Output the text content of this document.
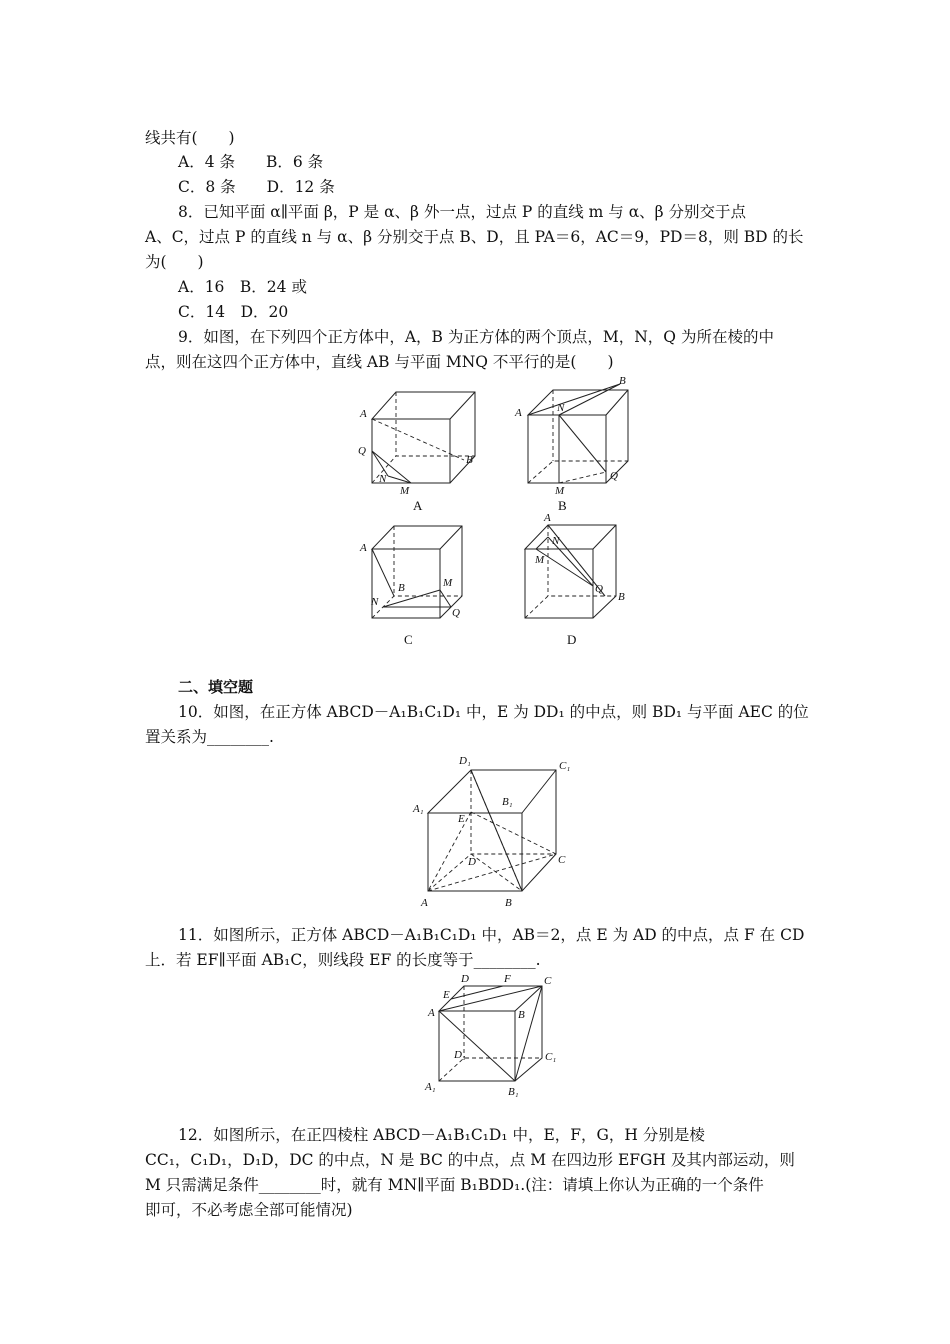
线共有(　　)
A．4 条　　B．6 条
C．8 条　　D．12 条
8．已知平面 α∥平面 β，P 是 α、β 外一点，过点 P 的直线 m 与 α、β 分别交于点
A、C，过点 P 的直线 n 与 α、β 分别交于点 B、D，且 PA＝6，AC＝9，PD＝8，则 BD 的长
为(　　)
A．16　B．24 或
C．14　D．20
9．如图，在下列四个正方体中，A，B 为正方体的两个顶点，M，N，Q 为所在棱的中
点，则在这四个正方体中，直线 AB 与平面 MNQ 不平行的是(　　)
A
Q
N
M
B
A
B
A	N
M
Q
B
A
B	M
N
Q
C
A
N
M
Q
B
D
二、填空题
10．如图，在正方体 ABCD－A₁B₁C₁D₁ 中，E 为 DD₁ 的中点，则 BD₁ 与平面 AEC 的位
置关系为________.
D₁	C₁
A₁
B₁
E
D	C
A	B
11．如图所示，正方体 ABCD－A₁B₁C₁D₁ 中，AB＝2，点 E 为 AD 的中点，点 F 在 CD
上．若 EF∥平面 AB₁C，则线段 EF 的长度等于________.
D	F	C
E
A	B
D₁	C₁
A₁	B₁
12．如图所示，在正四棱柱 ABCD－A₁B₁C₁D₁ 中，E，F，G，H 分别是棱
CC₁，C₁D₁，D₁D，DC 的中点，N 是 BC 的中点，点 M 在四边形 EFGH 及其内部运动，则
M 只需满足条件________时，就有 MN∥平面 B₁BDD₁.(注：请填上你认为正确的一个条件
即可，不必考虑全部可能情况)
